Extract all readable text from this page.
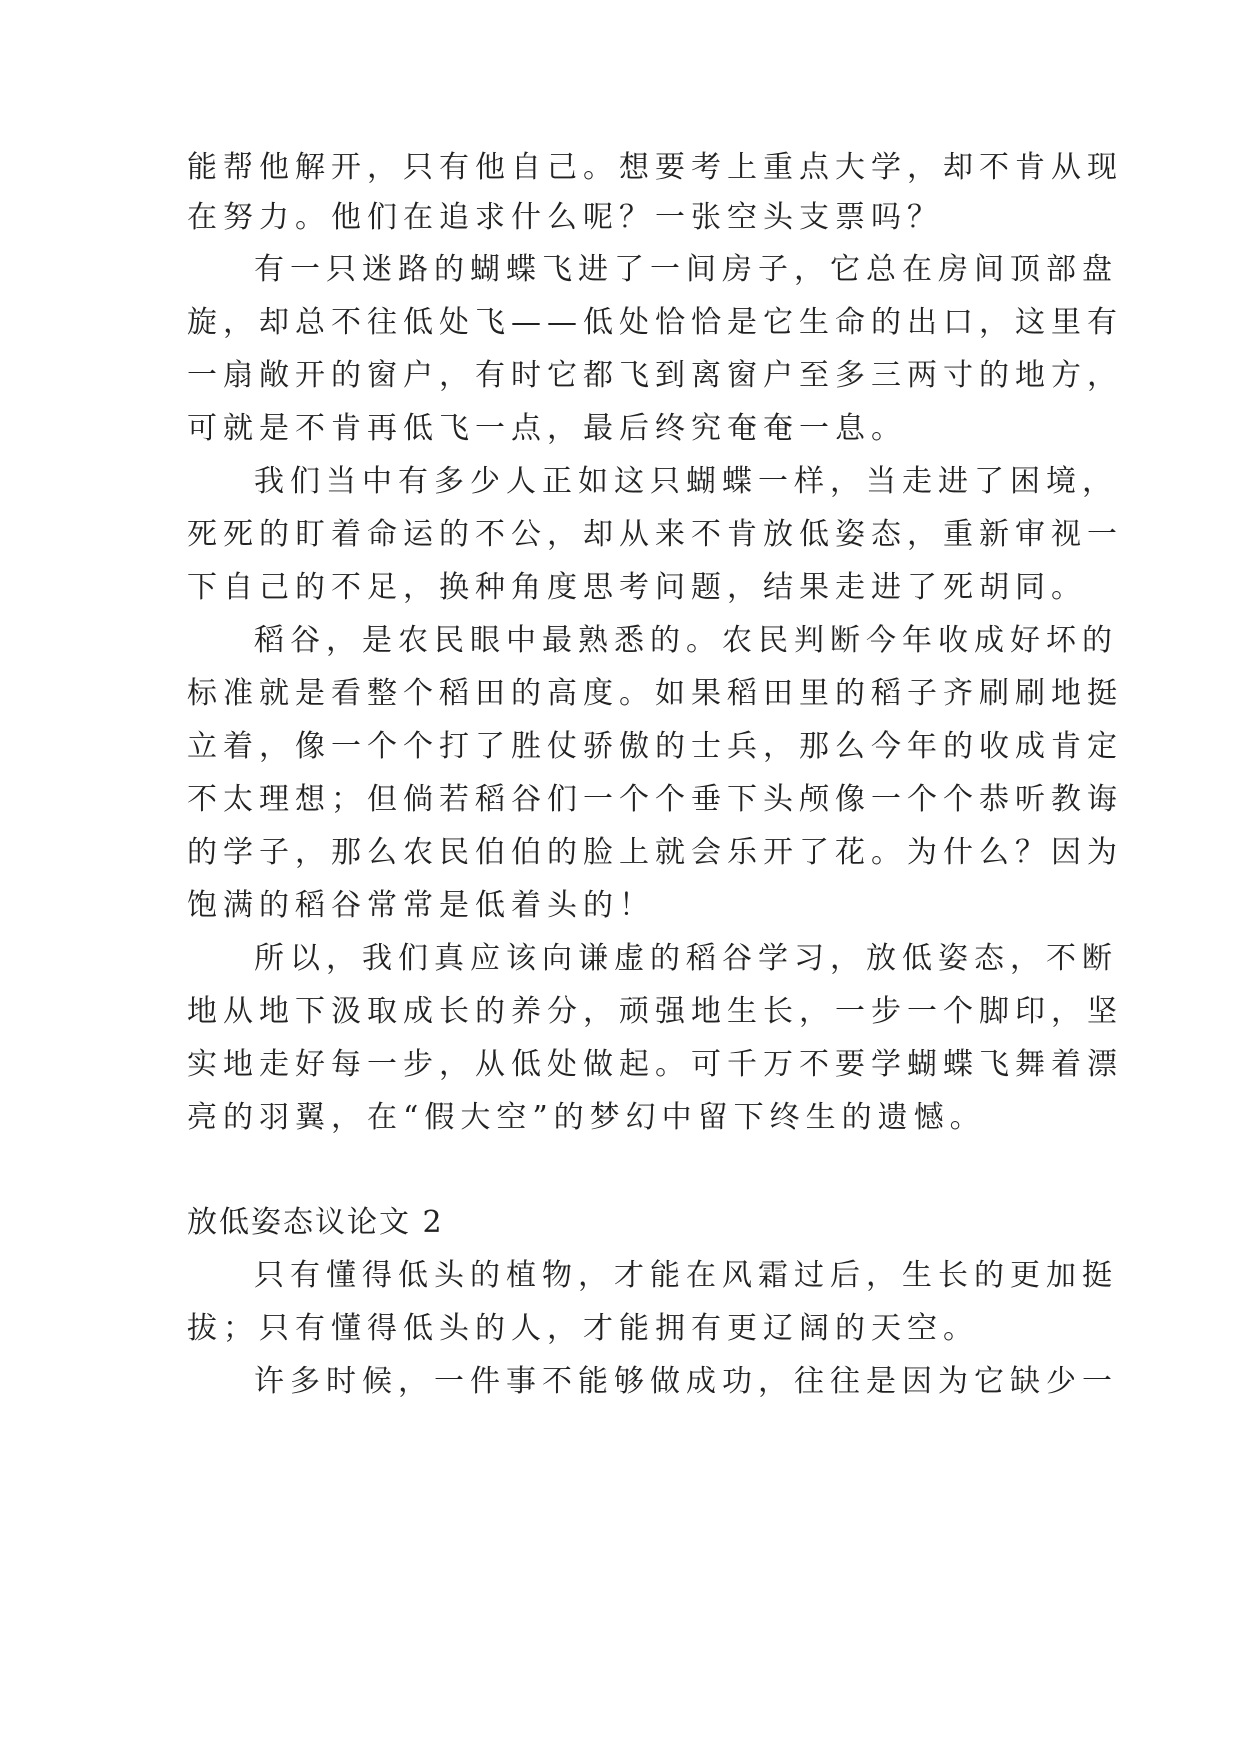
能帮他解开，只有他自己。想要考上重点大学，却不肯从现
在努力。他们在追求什么呢？一张空头支票吗？
有一只迷路的蝴蝶飞进了一间房子，它总在房间顶部盘
旋，却总不往低处飞——低处恰恰是它生命的出口，这里有
一扇敞开的窗户，有时它都飞到离窗户至多三两寸的地方，
可就是不肯再低飞一点，最后终究奄奄一息。
我们当中有多少人正如这只蝴蝶一样，当走进了困境，
死死的盯着命运的不公，却从来不肯放低姿态，重新审视一
下自己的不足，换种角度思考问题，结果走进了死胡同。
稻谷，是农民眼中最熟悉的。农民判断今年收成好坏的
标准就是看整个稻田的高度。如果稻田里的稻子齐刷刷地挺
立着，像一个个打了胜仗骄傲的士兵，那么今年的收成肯定
不太理想；但倘若稻谷们一个个垂下头颅像一个个恭听教诲
的学子，那么农民伯伯的脸上就会乐开了花。为什么？因为
饱满的稻谷常常是低着头的！
所以，我们真应该向谦虚的稻谷学习，放低姿态，不断
地从地下汲取成长的养分，顽强地生长，一步一个脚印，坚
实地走好每一步，从低处做起。可千万不要学蝴蝶飞舞着漂
亮的羽翼，在“假大空”的梦幻中留下终生的遗憾。
放低姿态议论文 2
只有懂得低头的植物，才能在风霜过后，生长的更加挺
拔；只有懂得低头的人，才能拥有更辽阔的天空。
许多时候，一件事不能够做成功，往往是因为它缺少一
